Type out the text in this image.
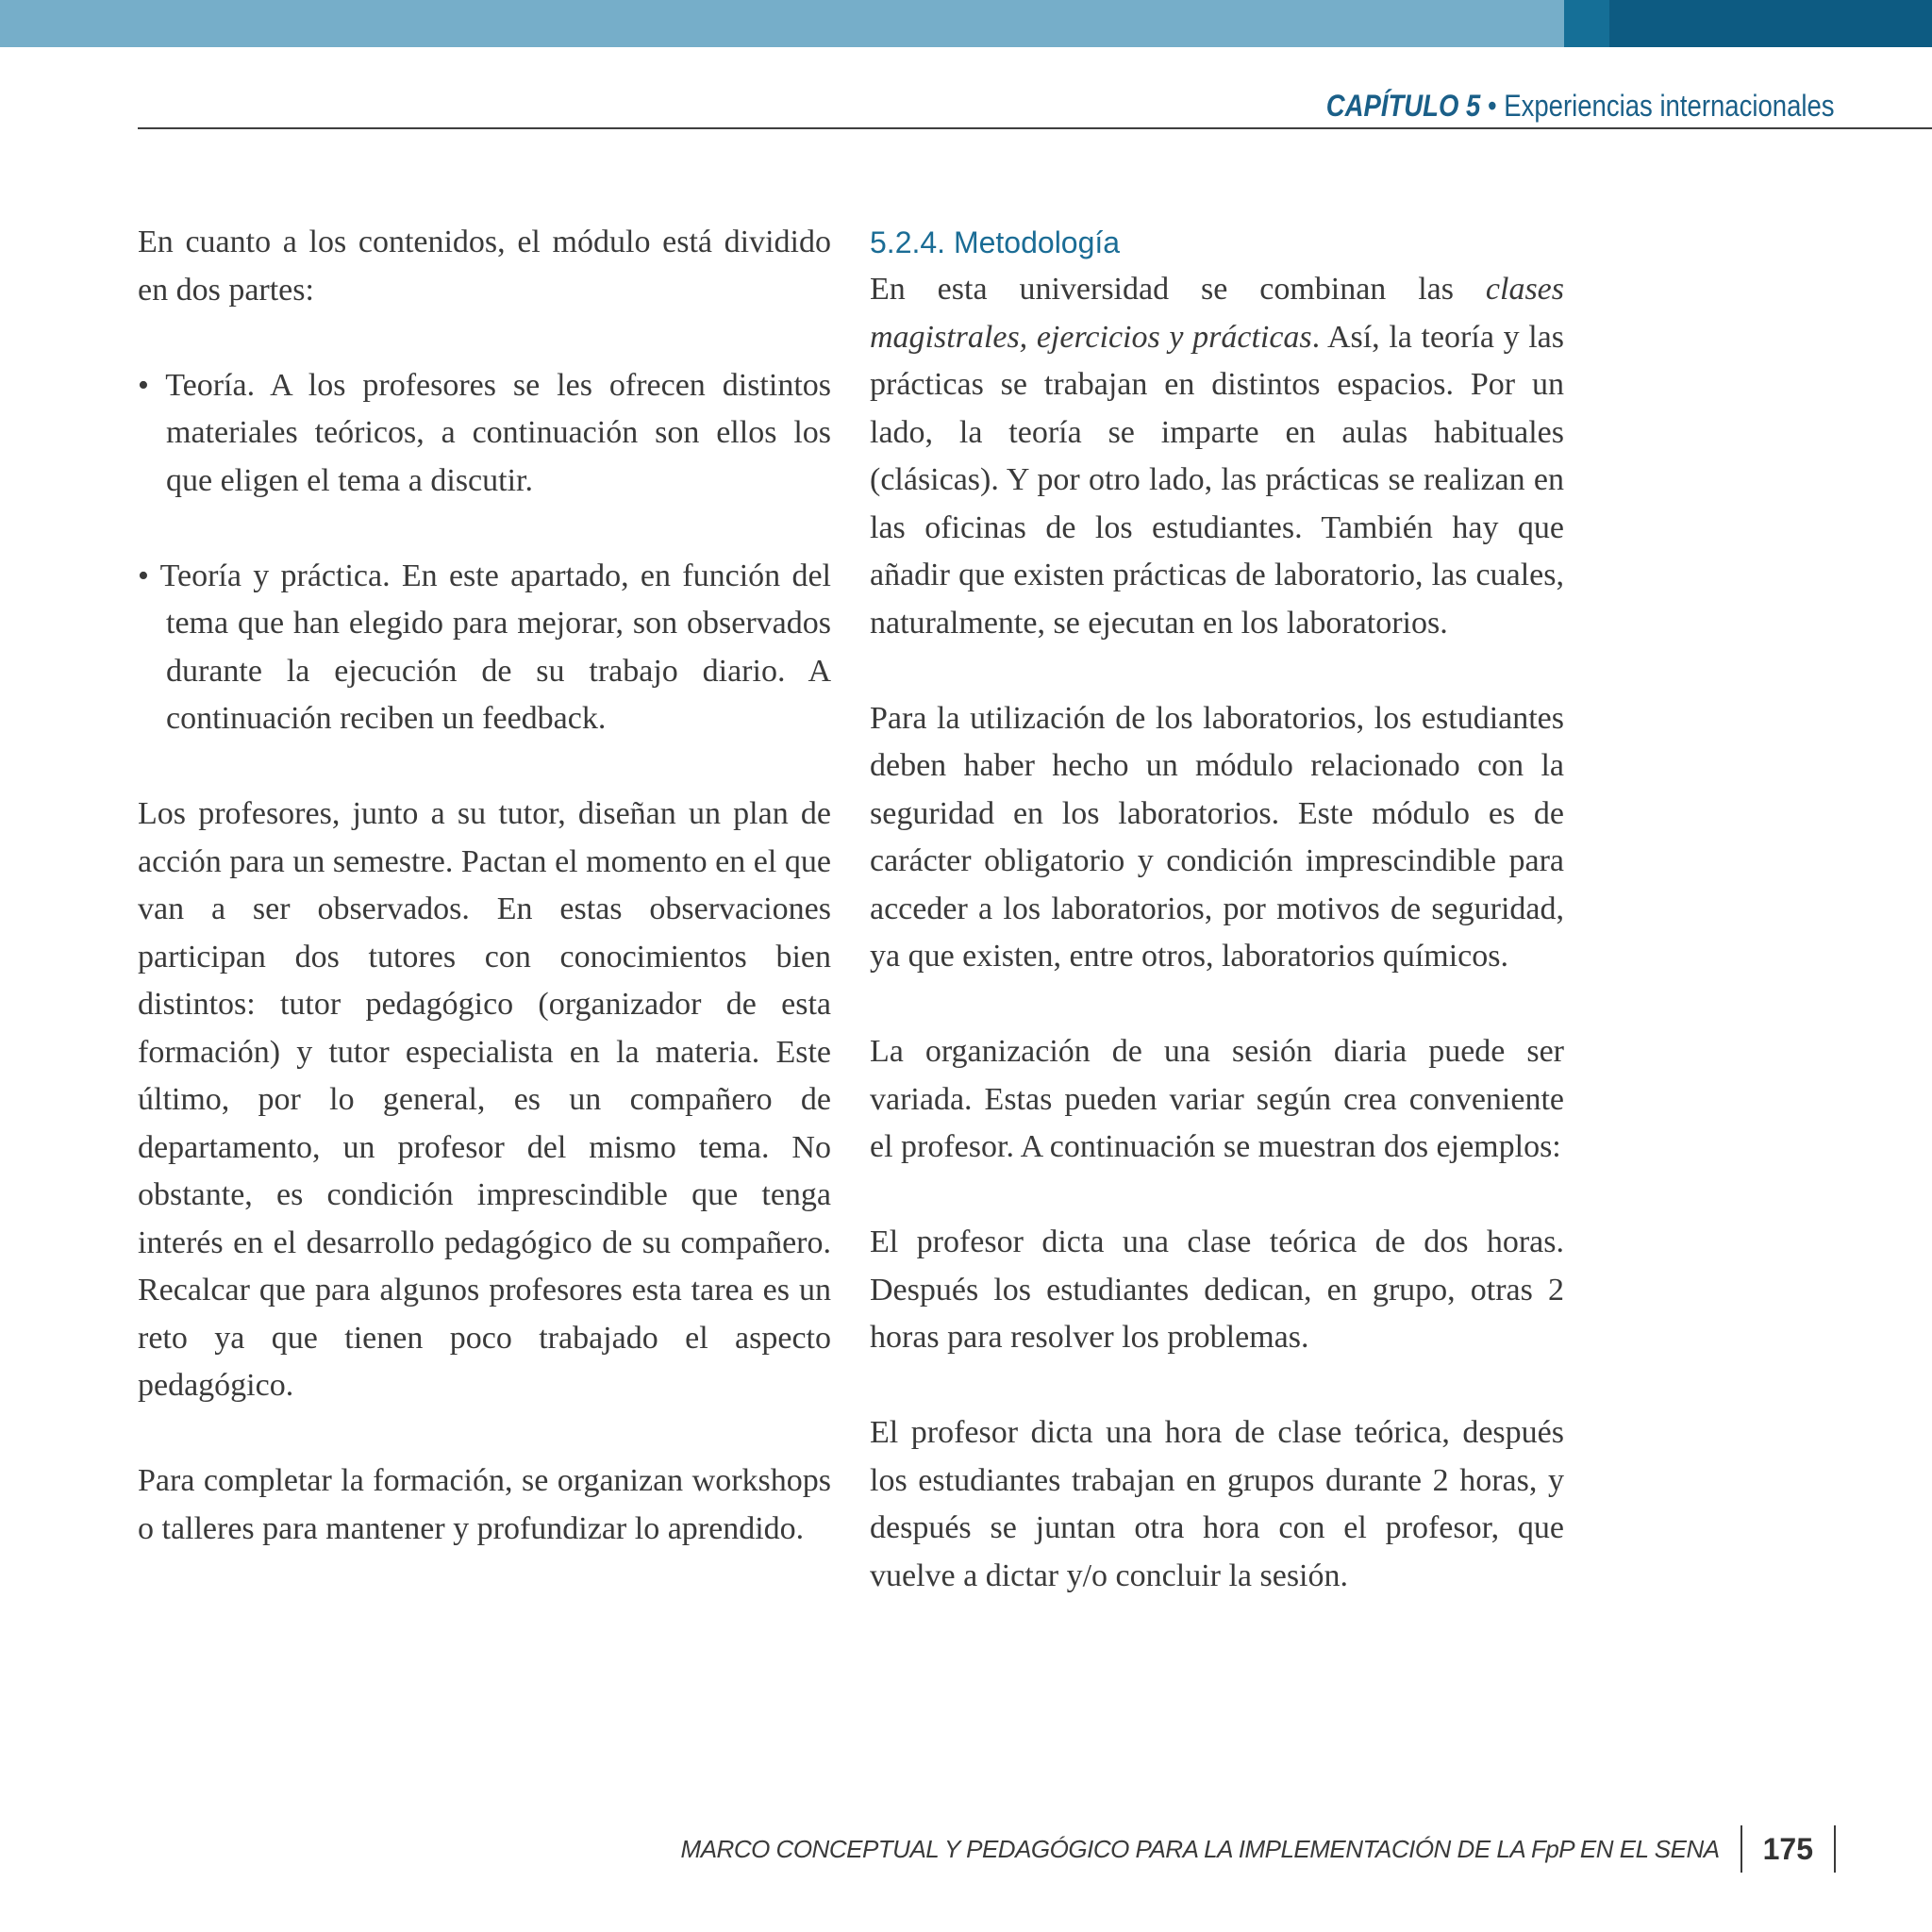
CAPÍTULO 5 • Experiencias internacionales

En cuanto a los contenidos, el módulo está dividido en dos partes:

• Teoría. A los profesores se les ofrecen distintos materiales teóricos, a continuación son ellos los que eligen el tema a discutir.

• Teoría y práctica. En este apartado, en función del tema que han elegido para mejorar, son observados durante la ejecución de su trabajo diario. A continuación reciben un feedback.

Los profesores, junto a su tutor, diseñan un plan de acción para un semestre. Pactan el momento en el que van a ser observados. En estas observaciones participan dos tutores con conocimientos bien distintos: tutor pedagógico (organizador de esta formación) y tutor especialista en la materia. Este último, por lo general, es un compañero de departamento, un profesor del mismo tema. No obstante, es condición imprescindible que tenga interés en el desarrollo pedagógico de su compañero. Recalcar que para algunos profesores esta tarea es un reto ya que tienen poco trabajado el aspecto pedagógico.

Para completar la formación, se organizan workshops o talleres para mantener y profundizar lo aprendido.

5.2.4. Metodología

En esta universidad se combinan las clases magistrales, ejercicios y prácticas. Así, la teoría y las prácticas se trabajan en distintos espacios. Por un lado, la teoría se imparte en aulas habituales (clásicas). Y por otro lado, las prácticas se realizan en las oficinas de los estudiantes. También hay que añadir que existen prácticas de laboratorio, las cuales, naturalmente, se ejecutan en los laboratorios.

Para la utilización de los laboratorios, los estudiantes deben haber hecho un módulo relacionado con la seguridad en los laboratorios. Este módulo es de carácter obligatorio y condición imprescindible para acceder a los laboratorios, por motivos de seguridad, ya que existen, entre otros, laboratorios químicos.

La organización de una sesión diaria puede ser variada. Estas pueden variar según crea conveniente el profesor. A continuación se muestran dos ejemplos:

El profesor dicta una clase teórica de dos horas. Después los estudiantes dedican, en grupo, otras 2 horas para resolver los problemas.

El profesor dicta una hora de clase teórica, después los estudiantes trabajan en grupos durante 2 horas, y después se juntan otra hora con el profesor, que vuelve a dictar y/o concluir la sesión.

MARCO CONCEPTUAL Y PEDAGÓGICO PARA LA IMPLEMENTACIÓN DE LA FpP EN EL SENA 175
